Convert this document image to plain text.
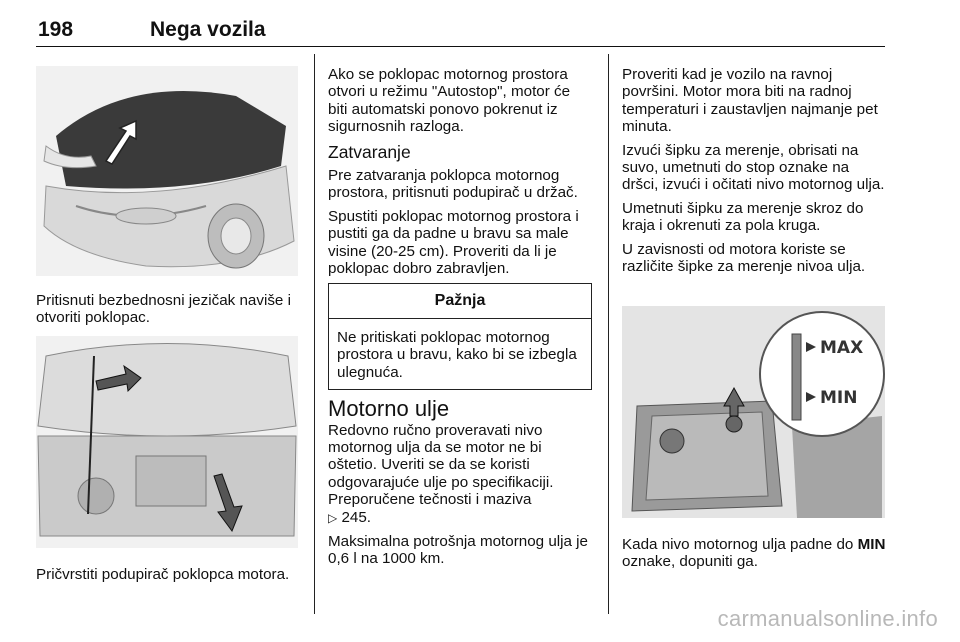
198	Nega vozila

Pritisnuti bezbednosni jezičak naviše i otvoriti poklopac.

Pričvrstiti podupirač poklopca motora.

Ako se poklopac motornog prostora otvori u režimu "Autostop", motor će biti automatski ponovo pokrenut iz sigurnosnih razloga.

Zatvaranje

Pre zatvaranja poklopca motornog prostora, pritisnuti podupirač u držač.

Spustiti poklopac motornog prostora i pustiti ga da padne u bravu sa male visine (20-25 cm). Proveriti da li je poklopac dobro zabravljen.

Pažnja
Ne pritiskati poklopac motornog prostora u bravu, kako bi se izbegla ulegnuća.
Motorno ulje

Redovno ručno proveravati nivo motornog ulja da se motor ne bi oštetio. Uveriti se da se koristi odgovarajuće ulje po specifikaciji. Preporučene tečnosti i maziva

▷ 245.

Maksimalna potrošnja motornog ulja je 0,6 l na 1000 km.

Proveriti kad je vozilo na ravnoj površini. Motor mora biti na radnoj temperaturi i zaustavljen najmanje pet minuta.

Izvući šipku za merenje, obrisati na suvo, umetnuti do stop oznake na dršci, izvući i očitati nivo motornog ulja.

Umetnuti šipku za merenje skroz do kraja i okrenuti za pola kruga.

U zavisnosti od motora koriste se različite šipke za merenje nivoa ulja.

MAX
MIN

Kada nivo motornog ulja padne do MIN oznake, dopuniti ga.

carmanualsonline.info
